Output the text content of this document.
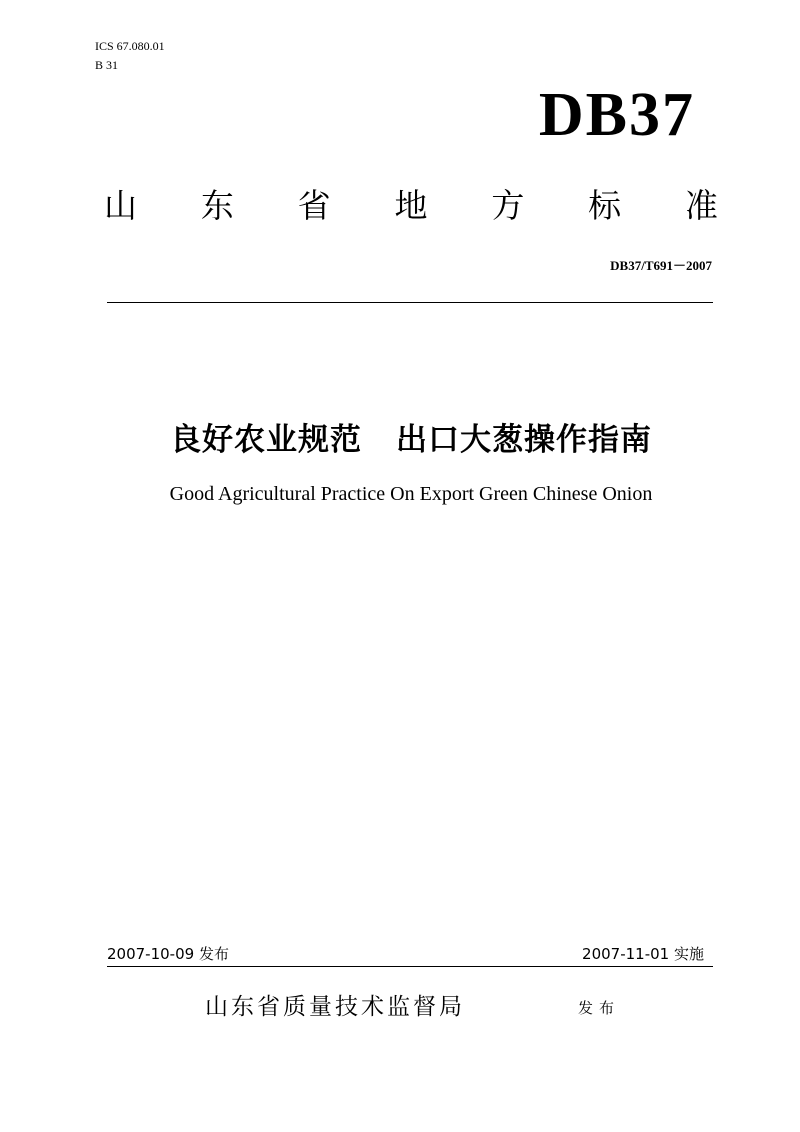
ICS 67.080.01
B 31
DB37
山 东 省 地 方 标 准
DB37/T691－2007
良好农业规范 出口大葱操作指南
Good Agricultural Practice On Export Green Chinese Onion
2007-10-09 发布	2007-11-01 实施
山东省质量技术监督局	发布
